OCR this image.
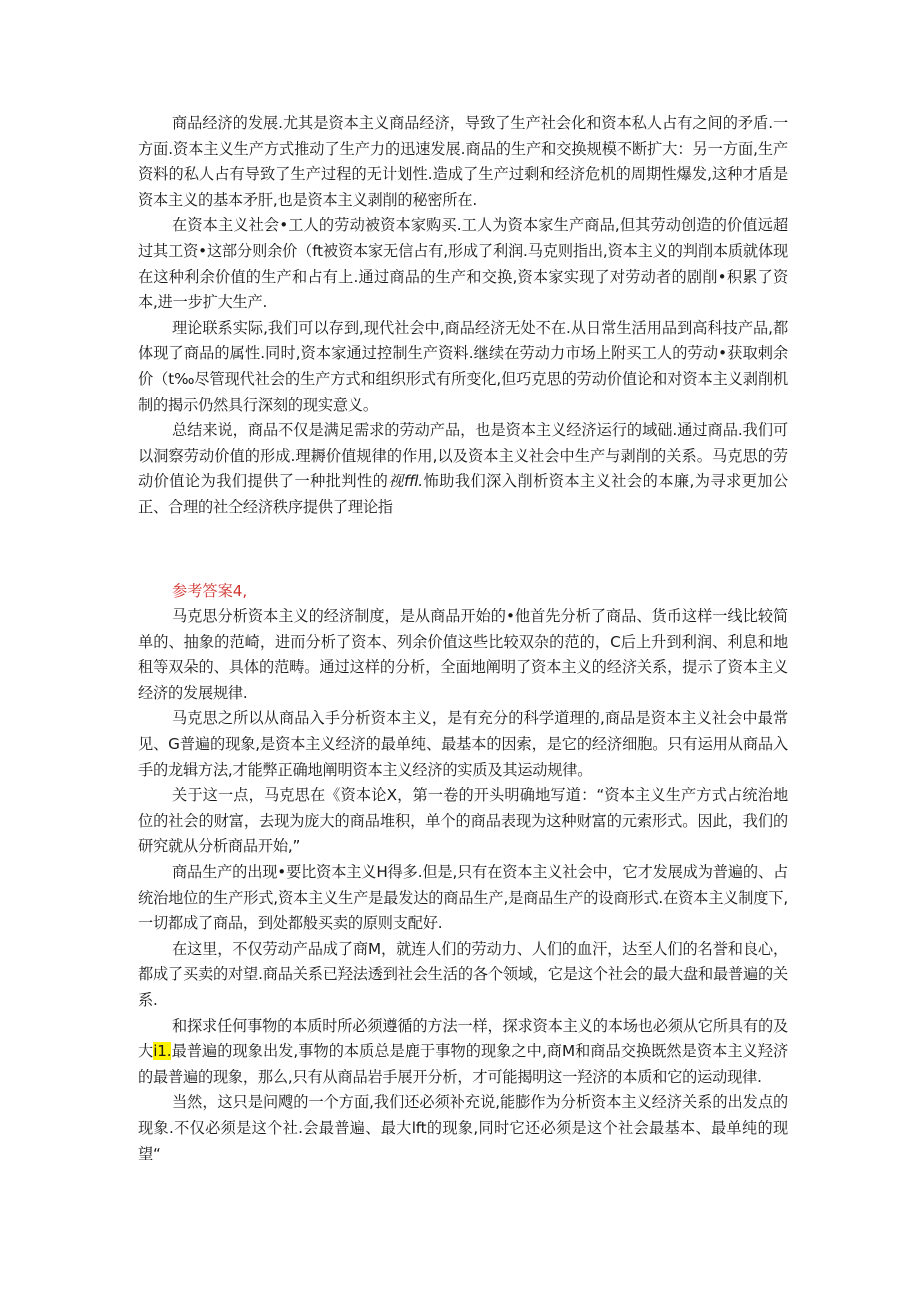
商品经济的发展.尤其是资本主义商品经济，导致了生产社会化和资本私人占有之间的矛盾.一方面.资本主义生产方式推动了生产力的迅速发展.商品的生产和交换规模不断扩大：另一方面,生产资料的私人占有导致了生产过程的无计划性.造成了生产过剩和经济危机的周期性爆发,这种才盾是资本主义的基本矛肝,也是资本主义剥削的秘密所在.

在资本主义社会•工人的劳动被资本家购买.工人为资本家生产商品,但其劳动创造的价值远超过其工资•这部分则余价（ft被资本家无信占有,形成了利润.马克则指出,资本主义的判削本质就体现在这种利余价值的生产和占有上.通过商品的生产和交换,资本家实现了对劳动者的剧削•积累了资本,进一步扩大生产.

理论联系实际,我们可以存到,现代社会中,商品经济无处不在.从日常生活用品到高科技产品,都体现了商品的属性.同时,资本家通过控制生产资料.继续在劳动力市场上附买工人的劳动•获取剌余价（t‰尽管现代社会的生产方式和组织形式有所变化,但巧克思的劳动价值论和对资本主义剥削机制的揭示仍然具行深刻的现实意义。

总结来说，商品不仅是满足需求的劳动产品，也是资本主义经济运行的域础.通过商品.我们可以洞察劳动价值的形成.理耨价值规律的作用,以及资本主义社会中生产与剥削的关系。马克思的劳动价值论为我们提供了一种批判性的视ffl.怖助我们深入削析资本主义社会的本廉,为寻求更加公正、合理的社仝经济秩序提供了理论指

参考答案4,

马克思分析资本主义的经济制度，是从商品开始的•他首先分析了商品、货币这样一线比较简单的、抽象的范崎，进而分析了资本、列余价值这些比较双杂的范的，C后上升到利润、利息和地租等双朵的、具体的范畴。通过这样的分析，全面地阐明了资本主义的经济关系，提示了资本主义经济的发展规律.

马克思之所以从商品入手分析资本主义，是有充分的科学道理的,商品是资本主义社会中最常见、G普遍的现象,是资本主义经济的最单纯、最基本的因索，是它的经济细胞。只有运用从商品入手的龙辑方法,才能弊正确地阐明资本主义经济的实质及其运动规律。

关于这一点，马克思在《资本论X，第一卷的开头明确地写道：“资本主义生产方式占统治地位的社会的财富，去现为庞大的商品堆积，单个的商品表现为这种财富的元索形式。因此，我们的研究就从分析商品开始,”

商品生产的出现•要比资本主义H得多.但是,只有在资本主义社会中，它才发展成为普遍的、占统治地位的生产形式,资本主义生产是最发达的商品生产,是商品生产的设商形式.在资本主义制度下,一切都成了商品，到处都般买卖的原则支配好.

在这里，不仅劳动产品成了商M，就连人们的劳动力、人们的血汗，达至人们的名誉和良心，都成了买卖的对望.商品关系已羟法透到社会生活的各个领域，它是这个社会的最大盘和最普遍的关系.

和探求任何事物的本质时所必须遵循的方法一样，探求资本主义的本场也必须从它所具有的及大i1.最普遍的现象出发,事物的本质总是鹿于事物的现象之中,商M和商品交换既然是资本主义羟济的最普遍的现象，那么,只有从商品岩手展开分析，才可能揭明这一羟济的本质和它的运动现律.

当然，这只是问飕的一个方面,我们还必须补充说,能膨作为分析资本主义经济关系的出发点的现象.不仅必须是这个社.会最普遍、最大lft的现象,同时它还必须是这个社会最基本、最单纯的现望“
